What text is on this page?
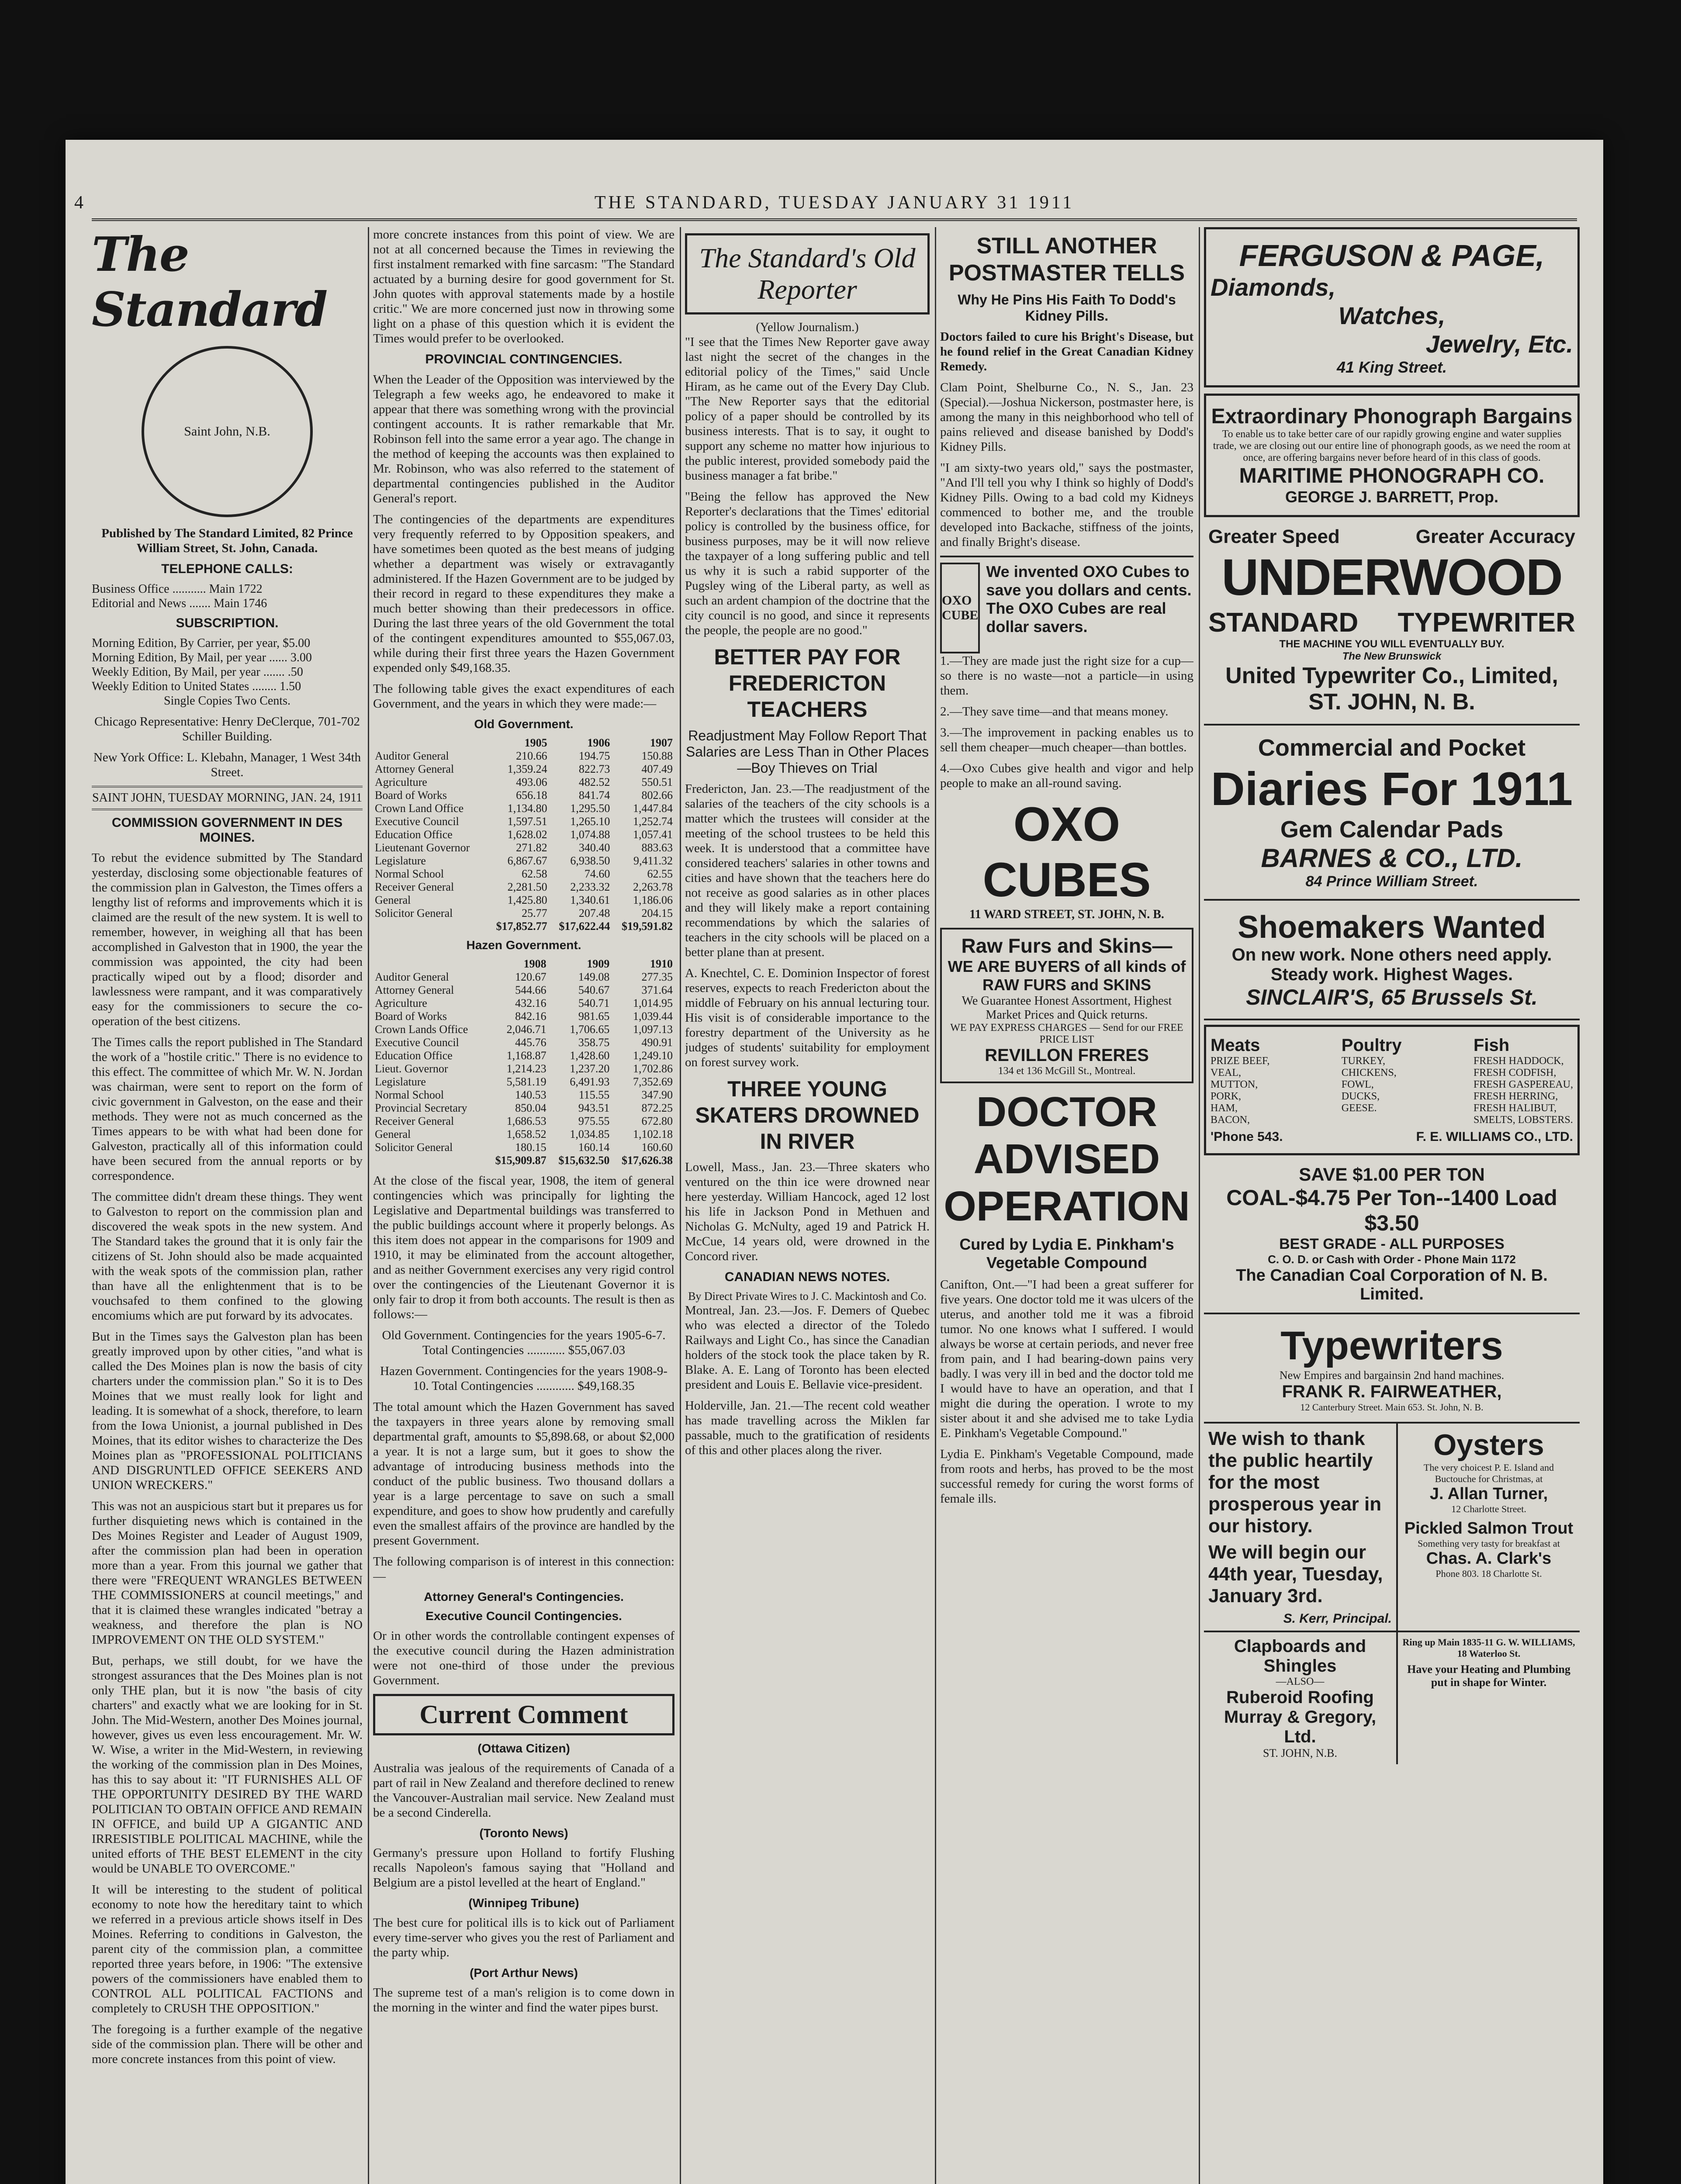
4	THE STANDARD, TUESDAY JANUARY 31 1911
The Standard
Saint John, N.B.

Published by The Standard Limited, 82 Prince William Street, St. John, Canada.

TELEPHONE CALLS:
Business Office ........... Main 1722
Editorial and News ....... Main 1746
SUBSCRIPTION.
Morning Edition, By Carrier, per year, $5.00
Morning Edition, By Mail, per year ...... 3.00
Weekly Edition, By Mail, per year ....... .50
Weekly Edition to United States ........ 1.50
Single Copies Two Cents.

Chicago Representative: Henry DeClerque, 701-702 Schiller Building.

New York Office: L. Klebahn, Manager, 1 West 34th Street.

SAINT JOHN, TUESDAY MORNING, JAN. 24, 1911
COMMISSION GOVERNMENT IN DES MOINES.

To rebut the evidence submitted by The Standard yesterday, disclosing some objectionable features of the commission plan in Galveston, the Times offers a lengthy list of reforms and improvements which it is claimed are the result of the new system. It is well to remember, however, in weighing all that has been accomplished in Galveston that in 1900, the year the commission was appointed, the city had been practically wiped out by a flood; disorder and lawlessness were rampant, and it was comparatively easy for the commissioners to secure the co-operation of the best citizens.

The Times calls the report published in The Standard the work of a "hostile critic." There is no evidence to this effect. The committee of which Mr. W. N. Jordan was chairman, were sent to report on the form of civic government in Galveston, on the ease and their methods. They were not as much concerned as the Times appears to be with what had been done for Galveston, practically all of this information could have been secured from the annual reports or by correspondence.

The committee didn't dream these things. They went to Galveston to report on the commission plan and discovered the weak spots in the new system. And The Standard takes the ground that it is only fair the citizens of St. John should also be made acquainted with the weak spots of the commission plan, rather than have all the enlightenment that is to be vouchsafed to them confined to the glowing encomiums which are put forward by its advocates.

But in the Times says the Galveston plan has been greatly improved upon by other cities, "and what is called the Des Moines plan is now the basis of city charters under the commission plan." So it is to Des Moines that we must really look for light and leading. It is somewhat of a shock, therefore, to learn from the Iowa Unionist, a journal published in Des Moines, that its editor wishes to characterize the Des Moines plan as "PROFESSIONAL POLITICIANS AND DISGRUNTLED OFFICE SEEKERS AND UNION WRECKERS."

This was not an auspicious start but it prepares us for further disquieting news which is contained in the Des Moines Register and Leader of August 1909, after the commission plan had been in operation more than a year. From this journal we gather that there were "FREQUENT WRANGLES BETWEEN THE COMMISSIONERS at council meetings," and that it is claimed these wrangles indicated "betray a weakness, and therefore the plan is NO IMPROVEMENT ON THE OLD SYSTEM."

But, perhaps, we still doubt, for we have the strongest assurances that the Des Moines plan is not only THE plan, but it is now "the basis of city charters" and exactly what we are looking for in St. John. The Mid-Western, another Des Moines journal, however, gives us even less encouragement. Mr. W. W. Wise, a writer in the Mid-Western, in reviewing the working of the commission plan in Des Moines, has this to say about it: "IT FURNISHES ALL OF THE OPPORTUNITY DESIRED BY THE WARD POLITICIAN TO OBTAIN OFFICE AND REMAIN IN OFFICE, and build UP A GIGANTIC AND IRRESISTIBLE POLITICAL MACHINE, while the united efforts of THE BEST ELEMENT in the city would be UNABLE TO OVERCOME."

It will be interesting to the student of political economy to note how the hereditary taint to which we referred in a previous article shows itself in Des Moines. Referring to conditions in Galveston, the parent city of the commission plan, a committee reported three years before, in 1906: "The extensive powers of the commissioners have enabled them to CONTROL ALL POLITICAL FACTIONS and completely to CRUSH THE OPPOSITION."

The foregoing is a further example of the negative side of the commission plan. There will be other and more concrete instances from this point of view.

more concrete instances from this point of view. We are not at all concerned because the Times in reviewing the first instalment remarked with fine sarcasm: "The Standard actuated by a burning desire for good government for St. John quotes with approval statements made by a hostile critic." We are more concerned just now in throwing some light on a phase of this question which it is evident the Times would prefer to be overlooked.

PROVINCIAL CONTINGENCIES.

When the Leader of the Opposition was interviewed by the Telegraph a few weeks ago, he endeavored to make it appear that there was something wrong with the provincial contingent accounts. It is rather remarkable that Mr. Robinson fell into the same error a year ago. The change in the method of keeping the accounts was then explained to Mr. Robinson, who was also referred to the statement of departmental contingencies published in the Auditor General's report.

The contingencies of the departments are expenditures very frequently referred to by Opposition speakers, and have sometimes been quoted as the best means of judging whether a department was wisely or extravagantly administered. If the Hazen Government are to be judged by their record in regard to these expenditures they make a much better showing than their predecessors in office. During the last three years of the old Government the total of the contingent expenditures amounted to $55,067.03, while during their first three years the Hazen Government expended only $49,168.35.

The following table gives the exact expenditures of each Government, and the years in which they were made:—

Old Government.
	1905	1906	1907
Auditor General	210.66	194.75	150.88
Attorney General	1,359.24	822.73	407.49
Agriculture	493.06	482.52	550.51
Board of Works	656.18	841.74	802.66
Crown Land Office	1,134.80	1,295.50	1,447.84
Executive Council	1,597.51	1,265.10	1,252.74
Education Office	1,628.02	1,074.88	1,057.41
Lieutenant Governor	271.82	340.40	883.63
Legislature	6,867.67	6,938.50	9,411.32
Normal School	62.58	74.60	62.55
Receiver General	2,281.50	2,233.32	2,263.78
General	1,425.80	1,340.61	1,186.06
Solicitor General	25.77	207.48	204.15
	$17,852.77	$17,622.44	$19,591.82
Hazen Government.
	1908	1909	1910
Auditor General	120.67	149.08	277.35
Attorney General	544.66	540.67	371.64
Agriculture	432.16	540.71	1,014.95
Board of Works	842.16	981.65	1,039.44
Crown Lands Office	2,046.71	1,706.65	1,097.13
Executive Council	445.76	358.75	490.91
Education Office	1,168.87	1,428.60	1,249.10
Lieut. Governor	1,214.23	1,237.20	1,702.86
Legislature	5,581.19	6,491.93	7,352.69
Normal School	140.53	115.55	347.90
Provincial Secretary	850.04	943.51	872.25
Receiver General	1,686.53	975.55	672.80
General	1,658.52	1,034.85	1,102.18
Solicitor General	180.15	160.14	160.60
	$15,909.87	$15,632.50	$17,626.38

At the close of the fiscal year, 1908, the item of general contingencies which was principally for lighting the Legislative and Departmental buildings was transferred to the public buildings account where it properly belongs. As this item does not appear in the comparisons for 1909 and 1910, it may be eliminated from the account altogether, and as neither Government exercises any very rigid control over the contingencies of the Lieutenant Governor it is only fair to drop it from both accounts. The result is then as follows:—

Old Government. Contingencies for the years 1905-6-7. Total Contingencies ............ $55,067.03

Hazen Government. Contingencies for the years 1908-9-10. Total Contingencies ............ $49,168.35

The total amount which the Hazen Government has saved the taxpayers in three years alone by removing small departmental graft, amounts to $5,898.68, or about $2,000 a year. It is not a large sum, but it goes to show the advantage of introducing business methods into the conduct of the public business. Two thousand dollars a year is a large percentage to save on such a small expenditure, and goes to show how prudently and carefully even the smallest affairs of the province are handled by the present Government.

The following comparison is of interest in this connection:—

Attorney General's Contingencies.
Executive Council Contingencies.

Or in other words the controllable contingent expenses of the executive council during the Hazen administration were not one-third of those under the previous Government.

Current Comment
(Ottawa Citizen)

Australia was jealous of the requirements of Canada of a part of rail in New Zealand and therefore declined to renew the Vancouver-Australian mail service. New Zealand must be a second Cinderella.

(Toronto News)

Germany's pressure upon Holland to fortify Flushing recalls Napoleon's famous saying that "Holland and Belgium are a pistol levelled at the heart of England."

(Winnipeg Tribune)

The best cure for political ills is to kick out of Parliament every time-server who gives you the rest of Parliament and the party whip.

(Port Arthur News)

The supreme test of a man's religion is to come down in the morning in the winter and find the water pipes burst.

The Standard's Old Reporter
(Yellow Journalism.)

"I see that the Times New Reporter gave away last night the secret of the changes in the editorial policy of the Times," said Uncle Hiram, as he came out of the Every Day Club. "The New Reporter says that the editorial policy of a paper should be controlled by its business interests. That is to say, it ought to support any scheme no matter how injurious to the public interest, provided somebody paid the business manager a fat bribe."

"Being the fellow has approved the New Reporter's declarations that the Times' editorial policy is controlled by the business office, for business purposes, may be it will now relieve the taxpayer of a long suffering public and tell us why it is such a rabid supporter of the Pugsley wing of the Liberal party, as well as such an ardent champion of the doctrine that the city council is no good, and since it represents the people, the people are no good."

BETTER PAY FOR FREDERICTON TEACHERS
Readjustment May Follow Report That Salaries are Less Than in Other Places—Boy Thieves on Trial

Fredericton, Jan. 23.—The readjustment of the salaries of the teachers of the city schools is a matter which the trustees will consider at the meeting of the school trustees to be held this week. It is understood that a committee have considered teachers' salaries in other towns and cities and have shown that the teachers here do not receive as good salaries as in other places and they will likely make a report containing recommendations by which the salaries of teachers in the city schools will be placed on a better plane than at present.

A. Knechtel, C. E. Dominion Inspector of forest reserves, expects to reach Fredericton about the middle of February on his annual lecturing tour. His visit is of considerable importance to the forestry department of the University as he judges of students' suitability for employment on forest survey work.

THREE YOUNG SKATERS DROWNED IN RIVER

Lowell, Mass., Jan. 23.—Three skaters who ventured on the thin ice were drowned near here yesterday. William Hancock, aged 12 lost his life in Jackson Pond in Methuen and Nicholas G. McNulty, aged 19 and Patrick H. McCue, 14 years old, were drowned in the Concord river.

CANADIAN NEWS NOTES.
By Direct Private Wires to J. C. Mackintosh and Co.

Montreal, Jan. 23.—Jos. F. Demers of Quebec who was elected a director of the Toledo Railways and Light Co., has since the Canadian holders of the stock took the place taken by R. Blake. A. E. Lang of Toronto has been elected president and Louis E. Bellavie vice-president.

Holderville, Jan. 21.—The recent cold weather has made travelling across the Miklen far passable, much to the gratification of residents of this and other places along the river.

STILL ANOTHER POSTMASTER TELLS
Why He Pins His Faith To Dodd's Kidney Pills.

Doctors failed to cure his Bright's Disease, but he found relief in the Great Canadian Kidney Remedy.

Clam Point, Shelburne Co., N. S., Jan. 23 (Special).—Joshua Nickerson, postmaster here, is among the many in this neighborhood who tell of pains relieved and disease banished by Dodd's Kidney Pills.

"I am sixty-two years old," says the postmaster, "And I'll tell you why I think so highly of Dodd's Kidney Pills. Owing to a bad cold my Kidneys commenced to bother me, and the trouble developed into Backache, stiffness of the joints, and finally Bright's disease.

OXO CUBE
We invented OXO Cubes to save you dollars and cents. The OXO Cubes are real dollar savers.

1.—They are made just the right size for a cup—so there is no waste—not a particle—in using them.

2.—They save time—and that means money.

3.—The improvement in packing enables us to sell them cheaper—much cheaper—than bottles.

4.—Oxo Cubes give health and vigor and help people to make an all-round saving.

OXO CUBES
11 WARD STREET, ST. JOHN, N. B.
Raw Furs and Skins—
WE ARE BUYERS of all kinds of RAW FURS and SKINS
We Guarantee Honest Assortment, Highest Market Prices and Quick returns.
WE PAY EXPRESS CHARGES — Send for our FREE PRICE LIST
REVILLON FRERES
134 et 136 McGill St., Montreal.
DOCTOR ADVISED OPERATION
Cured by Lydia E. Pinkham's Vegetable Compound

Canifton, Ont.—"I had been a great sufferer for five years. One doctor told me it was ulcers of the uterus, and another told me it was a fibroid tumor. No one knows what I suffered. I would always be worse at certain periods, and never free from pain, and I had bearing-down pains very badly. I was very ill in bed and the doctor told me I would have to have an operation, and that I might die during the operation. I wrote to my sister about it and she advised me to take Lydia E. Pinkham's Vegetable Compound."

Lydia E. Pinkham's Vegetable Compound, made from roots and herbs, has proved to be the most successful remedy for curing the worst forms of female ills.

FERGUSON & PAGE,
Diamonds,
Watches,
Jewelry, Etc.
41 King Street.
Extraordinary Phonograph Bargains
To enable us to take better care of our rapidly growing engine and water supplies trade, we are closing out our entire line of phonograph goods, as we need the room at once, are offering bargains never before heard of in this class of goods.
MARITIME PHONOGRAPH CO.
GEORGE J. BARRETT, Prop.
Greater Speed	Greater Accuracy
UNDERWOOD
STANDARD TYPEWRITER
THE MACHINE YOU WILL EVENTUALLY BUY.
The New Brunswick
United Typewriter Co., Limited, ST. JOHN, N. B.
Commercial and Pocket
Diaries For 1911
Gem Calendar Pads
BARNES & CO., LTD.
84 Prince William Street.
Shoemakers Wanted
On new work. None others need apply.
Steady work. Highest Wages.
SINCLAIR'S, 65 Brussels St.
Meats
PRIZE BEEF,
VEAL,
MUTTON,
PORK,
HAM,
BACON,
Poultry
TURKEY,
CHICKENS,
FOWL,
DUCKS,
GEESE.
Fish
FRESH HADDOCK,
FRESH CODFISH,
FRESH GASPEREAU,
FRESH HERRING,
FRESH HALIBUT,
SMELTS, LOBSTERS.
'Phone 543.	F. E. WILLIAMS CO., LTD.
SAVE $1.00 PER TON
COAL-$4.75 Per Ton--1400 Load $3.50
BEST GRADE - ALL PURPOSES
C. O. D. or Cash with Order - Phone Main 1172
The Canadian Coal Corporation of N. B. Limited.
Typewriters
New Empires and bargainsin 2nd hand machines.
FRANK R. FAIRWEATHER,
12 Canterbury Street. Main 653. St. John, N. B.
We wish to thank the public heartily for the most prosperous year in our history.
We will begin our 44th year, Tuesday, January 3rd.
S. Kerr, Principal.
Oysters
The very choicest P. E. Island and Buctouche for Christmas, at
J. Allan Turner,
12 Charlotte Street.
Pickled Salmon Trout
Something very tasty for breakfast at
Chas. A. Clark's
Phone 803. 18 Charlotte St.
Clapboards and Shingles
—ALSO—
Ruberoid Roofing
Murray & Gregory, Ltd.
ST. JOHN, N.B.
Ring up Main 1835-11 G. W. WILLIAMS, 18 Waterloo St.
Have your Heating and Plumbing put in shape for Winter.
